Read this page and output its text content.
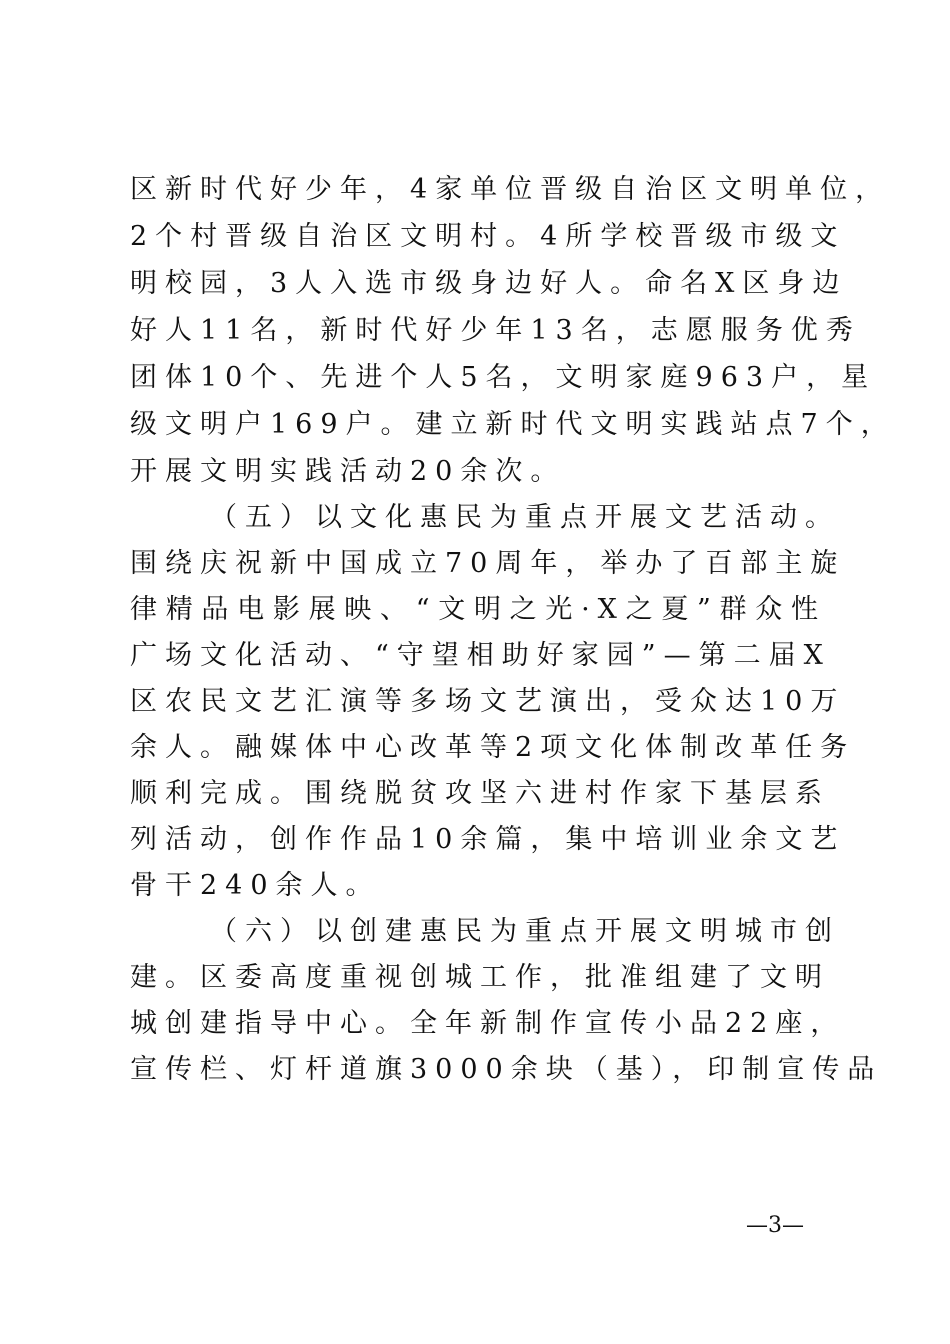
区新时代好少年，4家单位晋级自治区文明单位，
2个村晋级自治区文明村。4所学校晋级市级文
明校园，3人入选市级身边好人。命名X区身边
好人11名，新时代好少年13名，志愿服务优秀
团体10个、先进个人5名，文明家庭963户，星
级文明户169户。建立新时代文明实践站点7个，
开展文明实践活动20余次。
（五）以文化惠民为重点开展文艺活动。
围绕庆祝新中国成立70周年，举办了百部主旋
律精品电影展映、“文明之光·X之夏”群众性
广场文化活动、“守望相助好家园”—第二届X
区农民文艺汇演等多场文艺演出，受众达10万
余人。融媒体中心改革等2项文化体制改革任务
顺利完成。围绕脱贫攻坚六进村作家下基层系
列活动，创作作品10余篇，集中培训业余文艺
骨干240余人。
（六）以创建惠民为重点开展文明城市创
建。区委高度重视创城工作，批准组建了文明
城创建指导中心。全年新制作宣传小品22座，
宣传栏、灯杆道旗3000余块（基），印制宣传品
—3—
